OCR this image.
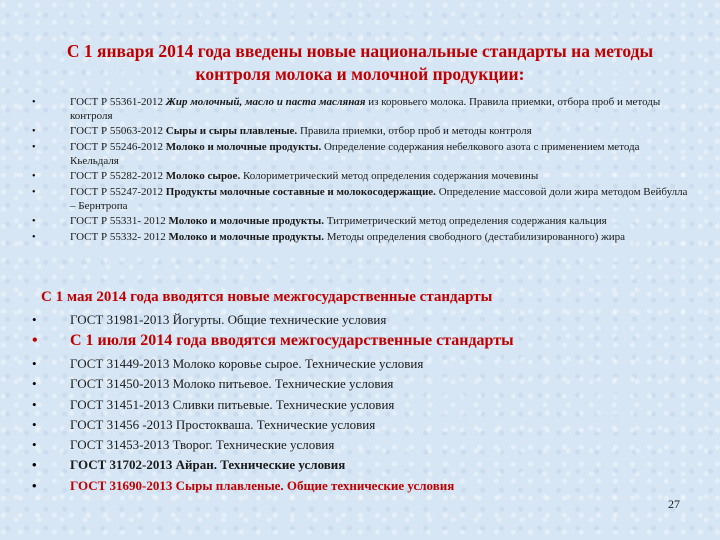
С 1 января 2014 года введены новые национальные стандарты на методы контроля молока и молочной продукции:
•	ГОСТ Р 55361-2012 Жир молочный, масло и паста масляная из коровьего молока. Правила приемки, отбора проб и методы контроля
•	ГОСТ Р 55063-2012 Сыры и сыры плавленые. Правила приемки, отбор проб и методы контроля
•	ГОСТ Р 55246-2012 Молоко и молочные продукты. Определение содержания небелкового азота с применением метода Кьельдаля
•	ГОСТ Р 55282-2012 Молоко сырое. Колориметрический метод определения содержания мочевины
•	ГОСТ Р 55247-2012 Продукты молочные составные и молокосодержащие. Определение массовой доли жира методом Вейбулла – Бернтропа
•	ГОСТ Р 55331- 2012 Молоко и молочные продукты. Титриметрический метод определения содержания кальция
•	ГОСТ Р 55332- 2012 Молоко и молочные продукты. Методы определения свободного (дестабилизированного) жира
С 1 мая 2014 года вводятся новые межгосударственные стандарты
•	ГОСТ 31981-2013 Йогурты. Общие технические условия
• С 1 июля 2014 года вводятся межгосударственные стандарты
•	ГОСТ 31449-2013 Молоко коровье сырое. Технические условия
•	ГОСТ 31450-2013 Молоко питьевое. Технические условия
•	ГОСТ 31451-2013 Сливки питьевые. Технические условия
•	ГОСТ 31456 -2013 Простокваша. Технические условия
•	ГОСТ 31453-2013 Творог. Технические условия
•	ГОСТ 31702-2013 Айран. Технические условия
•	ГОСТ 31690-2013 Сыры плавленые. Общие технические условия
27
